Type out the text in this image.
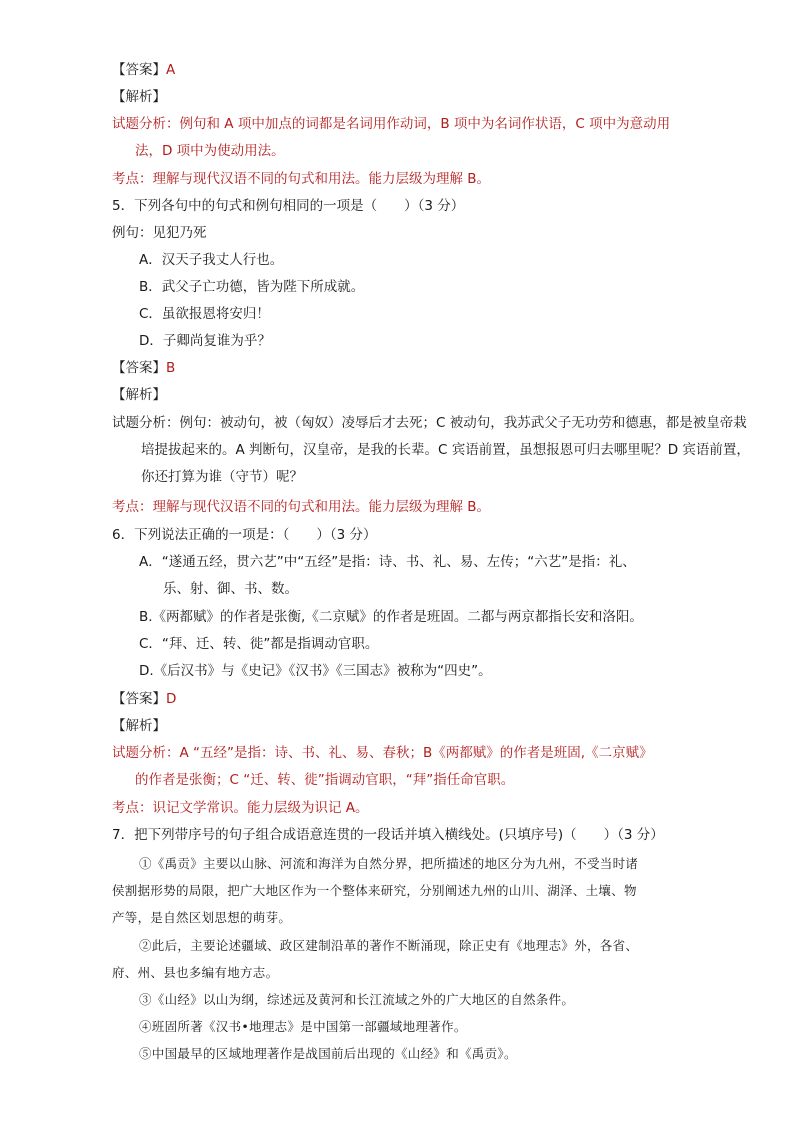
【答案】A
【解析】
试题分析：例句和 A 项中加点的词都是名词用作动词，B 项中为名词作状语，C 项中为意动用
法，D 项中为使动用法。
考点：理解与现代汉语不同的句式和用法。能力层级为理解 B。
5．下列各句中的句式和例句相同的一项是（　　）（3 分）
例句：见犯乃死
A．汉天子我丈人行也。
B．武父子亡功德，皆为陛下所成就。
C．虽欲报恩将安归！
D．子卿尚复谁为乎？
【答案】B
【解析】
试题分析：例句：被动句，被（匈奴）凌辱后才去死；C 被动句，我苏武父子无功劳和德惠，都是被皇帝栽
培提拔起来的。A 判断句，汉皇帝，是我的长辈。C 宾语前置，虽想报恩可归去哪里呢？D 宾语前置，
你还打算为谁（守节）呢？
考点：理解与现代汉语不同的句式和用法。能力层级为理解 B。
6．下列说法正确的一项是：（　　）（3 分）
A．“遂通五经，贯六艺”中“五经”是指：诗、书、礼、易、左传；“六艺”是指：礼、
乐、射、御、书、数。
B.《两都赋》的作者是张衡,《二京赋》的作者是班固。二都与两京都指长安和洛阳。
C．“拜、迁、转、徙”都是指调动官职。
D.《后汉书》与《史记》《汉书》《三国志》被称为“四史”。
【答案】D
【解析】
试题分析：A “五经”是指：诗、书、礼、易、春秋；B《两都赋》的作者是班固,《二京赋》
的作者是张衡；C “迁、转、徙”指调动官职，“拜”指任命官职。
考点：识记文学常识。能力层级为识记 A。
7．把下列带序号的句子组合成语意连贯的一段话并填入横线处。(只填序号)（　　）（3 分）
①《禹贡》主要以山脉、河流和海洋为自然分界，把所描述的地区分为九州，不受当时诸
侯割据形势的局限，把广大地区作为一个整体来研究，分别阐述九州的山川、湖泽、土壤、物
产等，是自然区划思想的萌芽。
②此后，主要论述疆域、政区建制沿革的著作不断涌现，除正史有《地理志》外，各省、
府、州、县也多编有地方志。
③《山经》以山为纲，综述远及黄河和长江流域之外的广大地区的自然条件。
④班固所著《汉书•地理志》是中国第一部疆域地理著作。
⑤中国最早的区域地理著作是战国前后出现的《山经》和《禹贡》。
